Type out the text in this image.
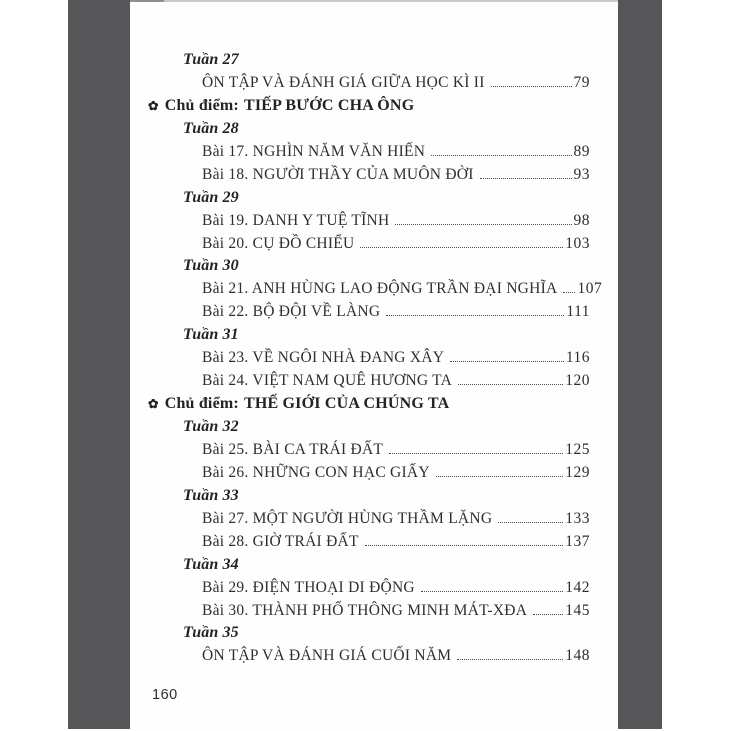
Tuần 27
ÔN TẬP VÀ ĐÁNH GIÁ GIỮA HỌC KÌ II	79
✿ Chủ điểm: TIẾP BƯỚC CHA ÔNG
Tuần 28
Bài 17. NGHÌN NĂM VĂN HIẾN	89
Bài 18. NGƯỜI THẦY CỦA MUÔN ĐỜI	93
Tuần 29
Bài 19. DANH Y TUỆ TĨNH	98
Bài 20. CỤ ĐỒ CHIỂU	103
Tuần 30
Bài 21. ANH HÙNG LAO ĐỘNG TRẦN ĐẠI NGHĨA 107
Bài 22. BỘ ĐỘI VỀ LÀNG	111
Tuần 31
Bài 23. VỀ NGÔI NHÀ ĐANG XÂY	116
Bài 24. VIỆT NAM QUÊ HƯƠNG TA	120
✿ Chủ điểm: THẾ GIỚI CỦA CHÚNG TA
Tuần 32
Bài 25. BÀI CA TRÁI ĐẤT	125
Bài 26. NHỮNG CON HẠC GIẤY	129
Tuần 33
Bài 27. MỘT NGƯỜI HÙNG THẦM LẶNG	133
Bài 28. GIỜ TRÁI ĐẤT	137
Tuần 34
Bài 29. ĐIỆN THOẠI DI ĐỘNG	142
Bài 30. THÀNH PHỐ THÔNG MINH MÁT-XĐA 145
Tuần 35
ÔN TẬP VÀ ĐÁNH GIÁ CUỐI NĂM	148
160
